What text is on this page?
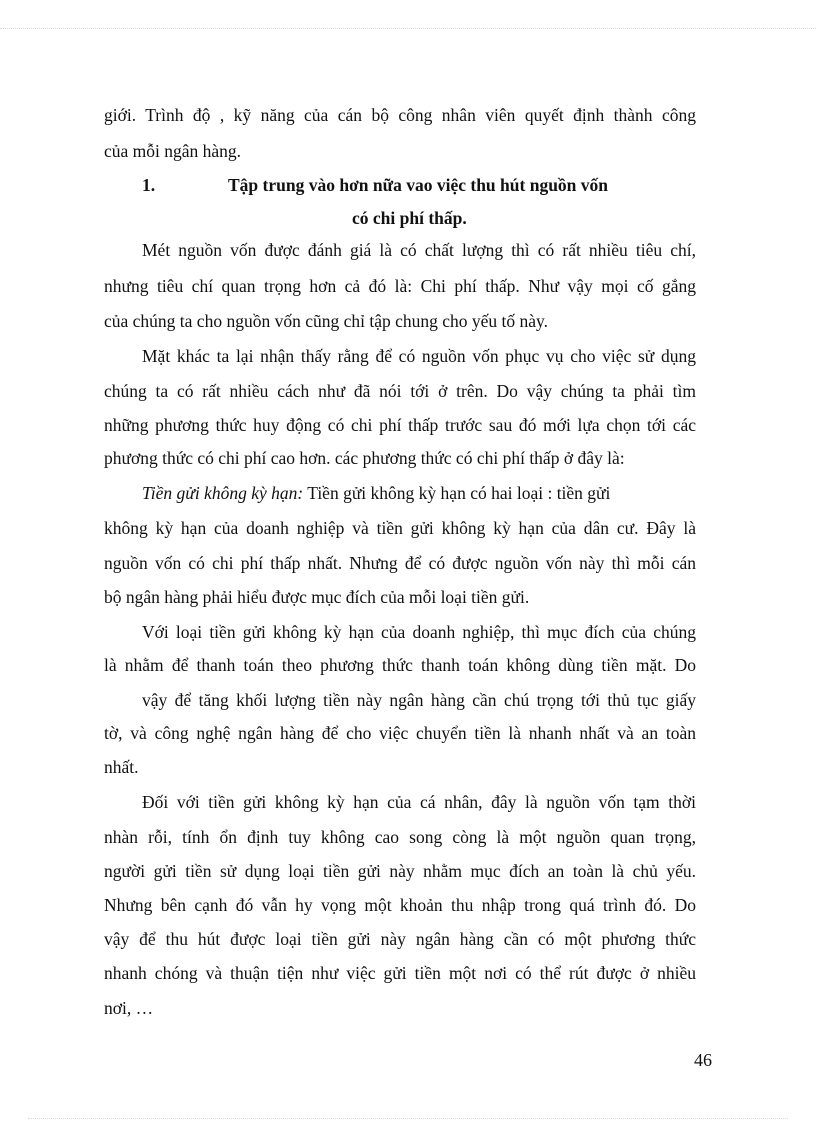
giới. Trình độ , kỹ năng của cán bộ công nhân viên quyết định thành công
của mỗi ngân hàng.
1.	Tập trung vào hơn nữa vao việc thu hút nguồn vốn
có chi phí thấp.
Mét nguồn vốn được đánh giá là có chất lượng thì có rất nhiều tiêu chí,
nhưng tiêu chí quan trọng hơn cả đó là: Chi phí thấp. Như vậy mọi cố gắng
của chúng ta cho nguồn vốn cũng chỉ tập chung cho yếu tố này.
Mặt khác ta lại nhận thấy rằng để có nguồn vốn phục vụ cho việc sử dụng
chúng ta có rất nhiều cách như đã nói tới ở trên. Do vậy chúng ta phải tìm
những phương thức huy động có chi phí thấp trước sau đó mới lựa chọn tới các
phương thức có chi phí cao hơn. các phương thức có chi phí thấp ở đây là:
Tiền gửi không kỳ hạn: Tiền gửi không kỳ hạn có hai loại : tiền gửi
không kỳ hạn của doanh nghiệp và tiền gửi không kỳ hạn của dân cư. Đây là
nguồn vốn có chi phí thấp nhất. Nhưng để có được nguồn vốn này thì mỗi cán
bộ ngân hàng phải hiểu được mục đích của mỗi loại tiền gửi.
Với loại tiền gửi không kỳ hạn của doanh nghiệp, thì mục đích của chúng
là nhằm để thanh toán theo phương thức thanh toán không dùng tiền mặt. Do
vậy để tăng khối lượng tiền này ngân hàng cần chú trọng tới thủ tục giấy
tờ, và công nghệ ngân hàng để cho việc chuyển tiền là nhanh nhất và an toàn
nhất.
Đối với tiền gửi không kỳ hạn của cá nhân, đây là nguồn vốn tạm thời
nhàn rỗi, tính ổn định tuy không cao song còng là một nguồn quan trọng,
người gửi tiền sử dụng loại tiền gửi này nhằm mục đích an toàn là chủ yếu.
Nhưng bên cạnh đó vẫn hy vọng một khoản thu nhập trong quá trình đó. Do
vậy để thu hút được loại tiền gửi này ngân hàng cần có một phương thức
nhanh chóng và thuận tiện như việc gửi tiền một nơi có thể rút được ở nhiều
nơi, …
46
